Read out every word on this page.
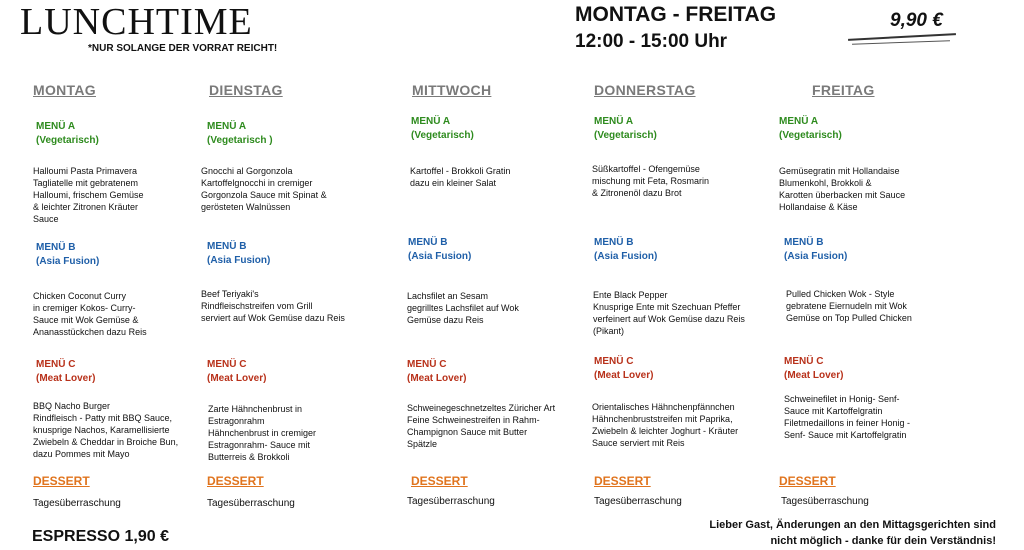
LUNCHTIME
*NUR SOLANGE DER VORRAT REICHT!
MONTAG - FREITAG
12:00 - 15:00 Uhr
9,90 €
MONTAG
MENÜ A
(Vegetarisch)
Halloumi Pasta Primavera
Tagliatelle mit gebratenem
Halloumi, frischem Gemüse
& leichter Zitronen Kräuter
Sauce
MENÜ B
(Asia Fusion)
Chicken Coconut Curry
in cremiger Kokos- Curry-
Sauce mit Wok Gemüse &
Ananasstückchen dazu Reis
MENÜ C
(Meat Lover)
BBQ Nacho Burger
Rindfleisch - Patty mit BBQ Sauce,
knusprige Nachos, Karamellisierte
Zwiebeln & Cheddar in Broiche Bun,
dazu Pommes mit Mayo
DESSERT
Tagesüberraschung
DIENSTAG
MENÜ A
(Vegetarisch )
Gnocchi al Gorgonzola
Kartoffelgnocchi in cremiger
Gorgonzola Sauce mit Spinat &
gerösteten Walnüssen
MENÜ B
(Asia Fusion)
Beef Teriyaki's
Rindfleischstreifen vom Grill
serviert auf Wok Gemüse dazu Reis
MENÜ C
(Meat Lover)
Zarte Hähnchenbrust in
Estragonrahm
Hähnchenbrust in cremiger
Estragonrahm- Sauce mit
Butterreis & Brokkoli
DESSERT
Tagesüberraschung
MITTWOCH
MENÜ A
(Vegetarisch)
Kartoffel - Brokkoli Gratin
dazu ein kleiner Salat
MENÜ B
(Asia Fusion)
Lachsfilet an Sesam
gegrilltes Lachsfilet auf Wok
Gemüse dazu Reis
MENÜ C
(Meat Lover)
Schweinegeschnetzeltes Züricher Art
Feine Schweinestreifen in Rahm-
Champignon Sauce mit Butter
Spätzle
DESSERT
Tagesüberraschung
DONNERSTAG
MENÜ A
(Vegetarisch)
Süßkartoffel - Ofengemüse
mischung mit Feta, Rosmarin
& Zitronenöl dazu Brot
MENÜ B
(Asia Fusion)
Ente Black Pepper
Knusprige Ente mit Szechuan Pfeffer
verfeinert auf Wok Gemüse dazu Reis
(Pikant)
MENÜ C
(Meat Lover)
Orientalisches Hähnchenpfännchen
Hähnchenbruststreifen mit Paprika,
Zwiebeln & leichter Joghurt - Kräuter
Sauce serviert mit Reis
DESSERT
Tagesüberraschung
FREITAG
MENÜ A
(Vegetarisch)
Gemüsegratin mit Hollandaise
Blumenkohl, Brokkoli &
Karotten überbacken mit Sauce
Hollandaise & Käse
MENÜ B
(Asia Fusion)
Pulled Chicken Wok - Style
gebratene Eiernudeln mit Wok
Gemüse on Top Pulled Chicken
MENÜ C
(Meat Lover)
Schweinefilet in Honig- Senf-
Sauce mit Kartoffelgratin
Filetmedaillons in feiner Honig -
Senf- Sauce mit Kartoffelgratin
DESSERT
Tagesüberraschung
ESPRESSO 1,90 €
Lieber Gast, Änderungen an den Mittagsgerichten sind
nicht möglich - danke für dein Verständnis!
